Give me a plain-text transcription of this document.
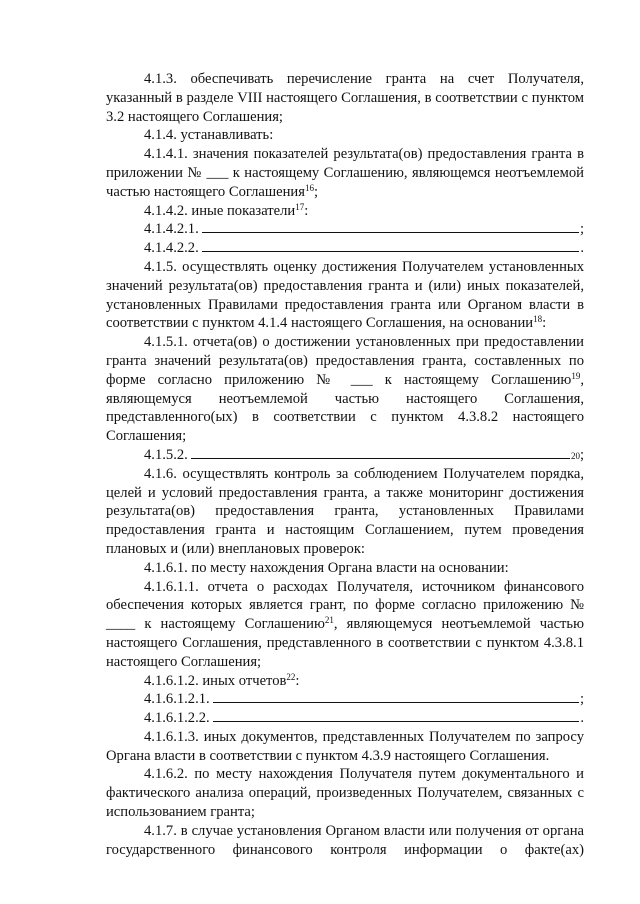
4.1.3. обеспечивать перечисление гранта на счет Получателя, указанный в разделе VIII настоящего Соглашения, в соответствии с пунктом 3.2 настоящего Соглашения;

4.1.4. устанавливать:

4.1.4.1. значения показателей результата(ов) предоставления гранта в приложении № ___ к настоящему Соглашению, являющемся неотъемлемой частью настоящего Соглашения$^{16}$;

4.1.4.2. иные показатели$^{17}$:

4.1.4.2.1.	;
4.1.4.2.2.	.

4.1.5. осуществлять оценку достижения Получателем установленных значений результата(ов) предоставления гранта и (или) иных показателей, установленных Правилами предоставления гранта или Органом власти в соответствии с пунктом 4.1.4 настоящего Соглашения, на основании$^{18}$:

4.1.5.1. отчета(ов) о достижении установленных при предоставлении гранта значений результата(ов) предоставления гранта, составленных по форме согласно приложению № ___ к настоящему Соглашению$^{19}$, являющемуся неотъемлемой частью настоящего Соглашения, представленного(ых) в соответствии с пунктом 4.3.8.2 настоящего Соглашения;

4.1.5.2.	20 ;

4.1.6. осуществлять контроль за соблюдением Получателем порядка, целей и условий предоставления гранта, а также мониторинг достижения результата(ов) предоставления гранта, установленных Правилами предоставления гранта и настоящим Соглашением, путем проведения плановых и (или) внеплановых проверок:

4.1.6.1. по месту нахождения Органа власти на основании:

4.1.6.1.1. отчета о расходах Получателя, источником финансового обеспечения которых является грант, по форме согласно приложению № ____ к настоящему Соглашению$^{21}$, являющемуся неотъемлемой частью настоящего Соглашения, представленного в соответствии с пунктом 4.3.8.1 настоящего Соглашения;

4.1.6.1.2. иных отчетов$^{22}$:

4.1.6.1.2.1.	;
4.1.6.1.2.2.	.

4.1.6.1.3. иных документов, представленных Получателем по запросу Органа власти в соответствии с пунктом 4.3.9 настоящего Соглашения.

4.1.6.2. по месту нахождения Получателя путем документального и фактического анализа операций, произведенных Получателем, связанных с использованием гранта;

4.1.7. в случае установления Органом власти или получения от органа государственного финансового контроля информации о факте(ах)
